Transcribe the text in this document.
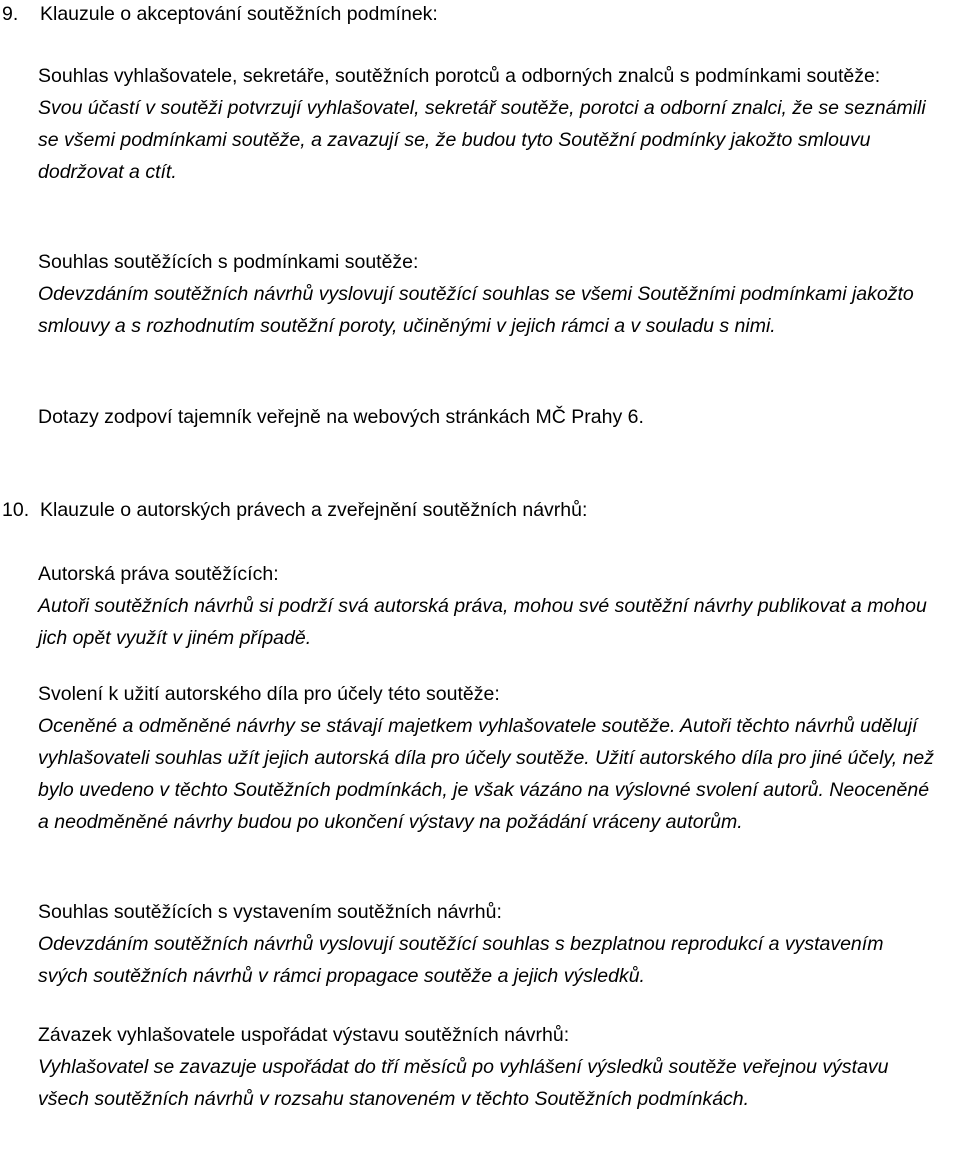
9.	Klauzule o akceptování soutěžních podmínek:

Souhlas vyhlašovatele, sekretáře, soutěžních porotců a odborných znalců s podmínkami soutěže:

Svou účastí v soutěži potvrzují vyhlašovatel, sekretář soutěže, porotci a odborní znalci, že se seznámili se všemi podmínkami soutěže, a zavazují se, že budou tyto Soutěžní podmínky jakožto smlouvu dodržovat a ctít.

Souhlas soutěžících s podmínkami soutěže:

Odevzdáním soutěžních návrhů vyslovují soutěžící souhlas se všemi Soutěžními podmínkami jakožto smlouvy a s rozhodnutím soutěžní poroty, učiněnými v jejich rámci a v souladu s nimi.

Dotazy zodpoví tajemník veřejně na webových stránkách MČ Prahy 6.

10. Klauzule o autorských právech a zveřejnění soutěžních návrhů:

Autorská práva soutěžících:

Autoři soutěžních návrhů si podrží svá autorská práva, mohou své soutěžní návrhy publikovat a mohou jich opět využít v jiném případě.

Svolení k užití autorského díla pro účely této soutěže:

Oceněné a odměněné návrhy se stávají majetkem vyhlašovatele soutěže. Autoři těchto návrhů udělují vyhlašovateli souhlas užít jejich autorská díla pro účely soutěže. Užití autorského díla pro jiné účely, než bylo uvedeno v těchto Soutěžních podmínkách, je však vázáno na výslovné svolení autorů. Neoceněné a neodměněné návrhy budou po ukončení výstavy na požádání vráceny autorům.

Souhlas soutěžících s vystavením soutěžních návrhů:

Odevzdáním soutěžních návrhů vyslovují soutěžící souhlas s bezplatnou reprodukcí a vystavením svých soutěžních návrhů v rámci propagace soutěže a jejich výsledků.

Závazek vyhlašovatele uspořádat výstavu soutěžních návrhů:

Vyhlašovatel se zavazuje uspořádat do tří měsíců po vyhlášení výsledků soutěže veřejnou výstavu všech soutěžních návrhů v rozsahu stanoveném v těchto Soutěžních podmínkách.
